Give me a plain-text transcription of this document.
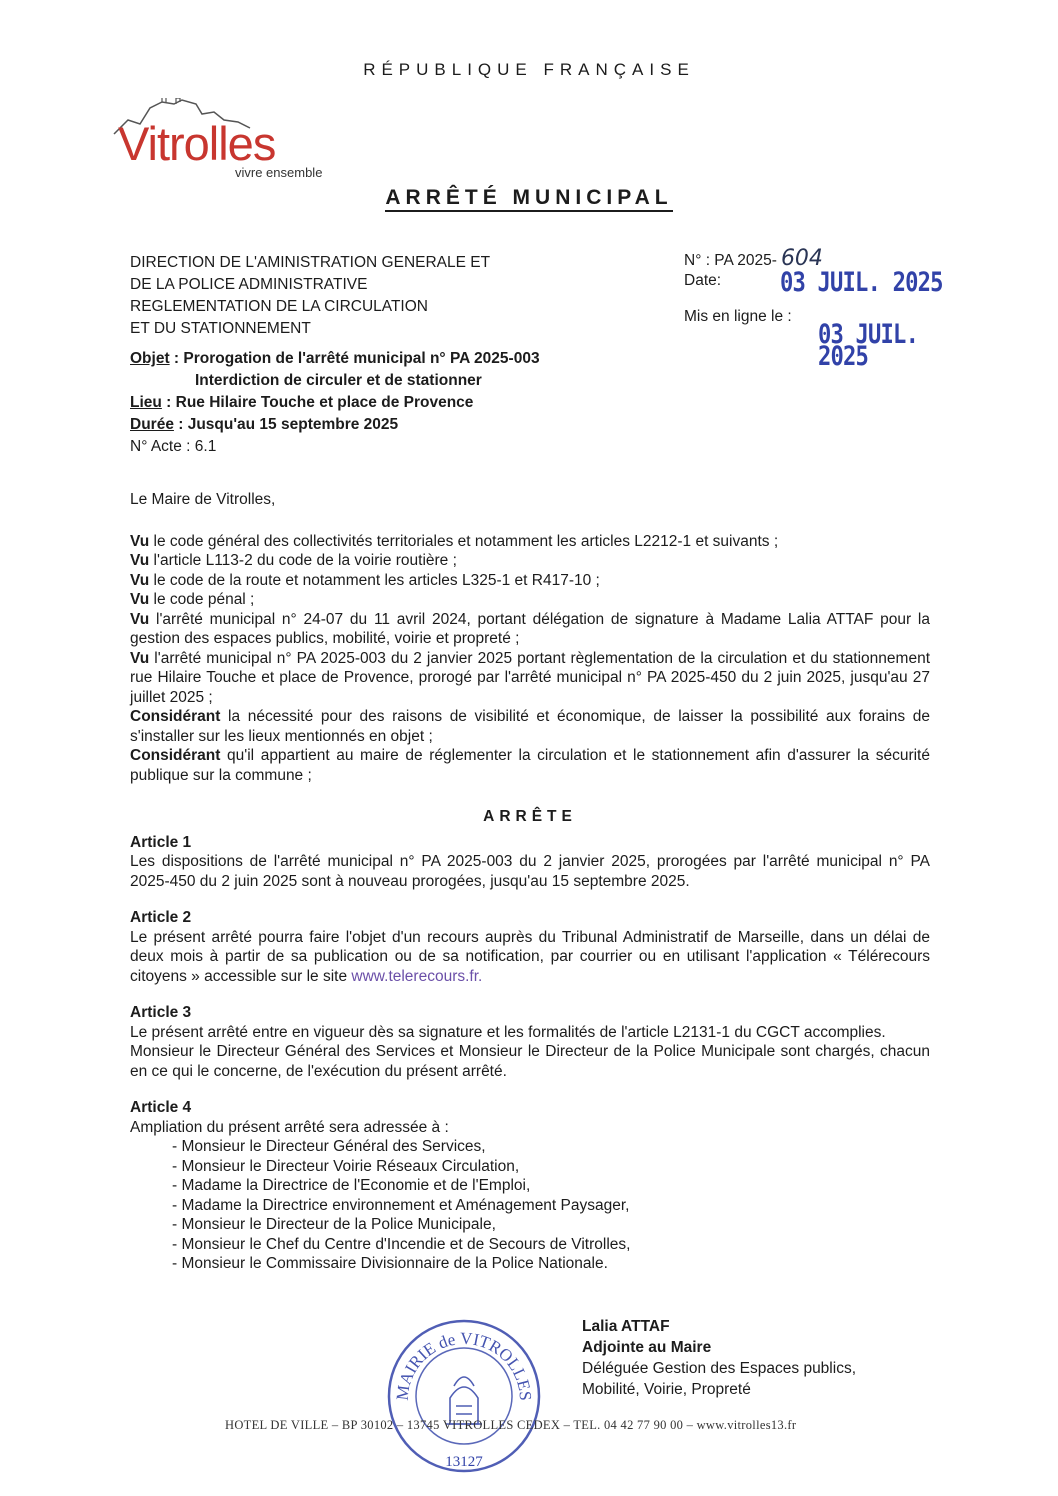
RÉPUBLIQUE FRANÇAISE
Vitrolles
vivre ensemble
ARRÊTÉ MUNICIPAL
DIRECTION DE L'AMINISTRATION GENERALE ET
DE LA POLICE ADMINISTRATIVE
REGLEMENTATION DE LA CIRCULATION
ET DU STATIONNEMENT
N° : PA 2025- 604
Date: 03 JUIL. 2025
Mis en ligne le :
03 JUIL. 2025
Objet : Prorogation de l'arrêté municipal n° PA 2025-003
Interdiction de circuler et de stationner
Lieu : Rue Hilaire Touche et place de Provence
Durée : Jusqu'au 15 septembre 2025
N° Acte : 6.1

Le Maire de Vitrolles,

Vu le code général des collectivités territoriales et notamment les articles L2212-1 et suivants ;

Vu l'article L113-2 du code de la voirie routière ;

Vu le code de la route et notamment les articles L325-1 et R417-10 ;

Vu le code pénal ;

Vu l'arrêté municipal n° 24-07 du 11 avril 2024, portant délégation de signature à Madame Lalia ATTAF pour la gestion des espaces publics, mobilité, voirie et propreté ;

Vu l'arrêté municipal n° PA 2025-003 du 2 janvier 2025 portant règlementation de la circulation et du stationnement rue Hilaire Touche et place de Provence, prorogé par l'arrêté municipal n° PA 2025-450 du 2 juin 2025, jusqu'au 27 juillet 2025 ;

Considérant la nécessité pour des raisons de visibilité et économique, de laisser la possibilité aux forains de s'installer sur les lieux mentionnés en objet ;

Considérant qu'il appartient au maire de réglementer la circulation et le stationnement afin d'assurer la sécurité publique sur la commune ;

ARRÊTE

Article 1

Les dispositions de l'arrêté municipal n° PA 2025-003 du 2 janvier 2025, prorogées par l'arrêté municipal n° PA 2025-450 du 2 juin 2025 sont à nouveau prorogées, jusqu'au 15 septembre 2025.

Article 2

Le présent arrêté pourra faire l'objet d'un recours auprès du Tribunal Administratif de Marseille, dans un délai de deux mois à partir de sa publication ou de sa notification, par courrier ou en utilisant l'application « Télérecours citoyens » accessible sur le site www.telerecours.fr.

Article 3

Le présent arrêté entre en vigueur dès sa signature et les formalités de l'article L2131-1 du CGCT accomplies.

Monsieur le Directeur Général des Services et Monsieur le Directeur de la Police Municipale sont chargés, chacun en ce qui le concerne, de l'exécution du présent arrêté.

Article 4

Ampliation du présent arrêté sera adressée à :

- Monsieur le Directeur Général des Services,
- Monsieur le Directeur Voirie Réseaux Circulation,
- Madame la Directrice de l'Economie et de l'Emploi,
- Madame la Directrice environnement et Aménagement Paysager,
- Monsieur le Directeur de la Police Municipale,
- Monsieur le Chef du Centre d'Incendie et de Secours de Vitrolles,
- Monsieur le Commissaire Divisionnaire de la Police Nationale.
MAIRIE de VITROLLES
13127
Lalia ATTAF
Adjointe au Maire
Déléguée Gestion des Espaces publics,
Mobilité, Voirie, Propreté
HOTEL DE VILLE – BP 30102 – 13745 VITROLLES CEDEX – TEL. 04 42 77 90 00 – www.vitrolles13.fr
